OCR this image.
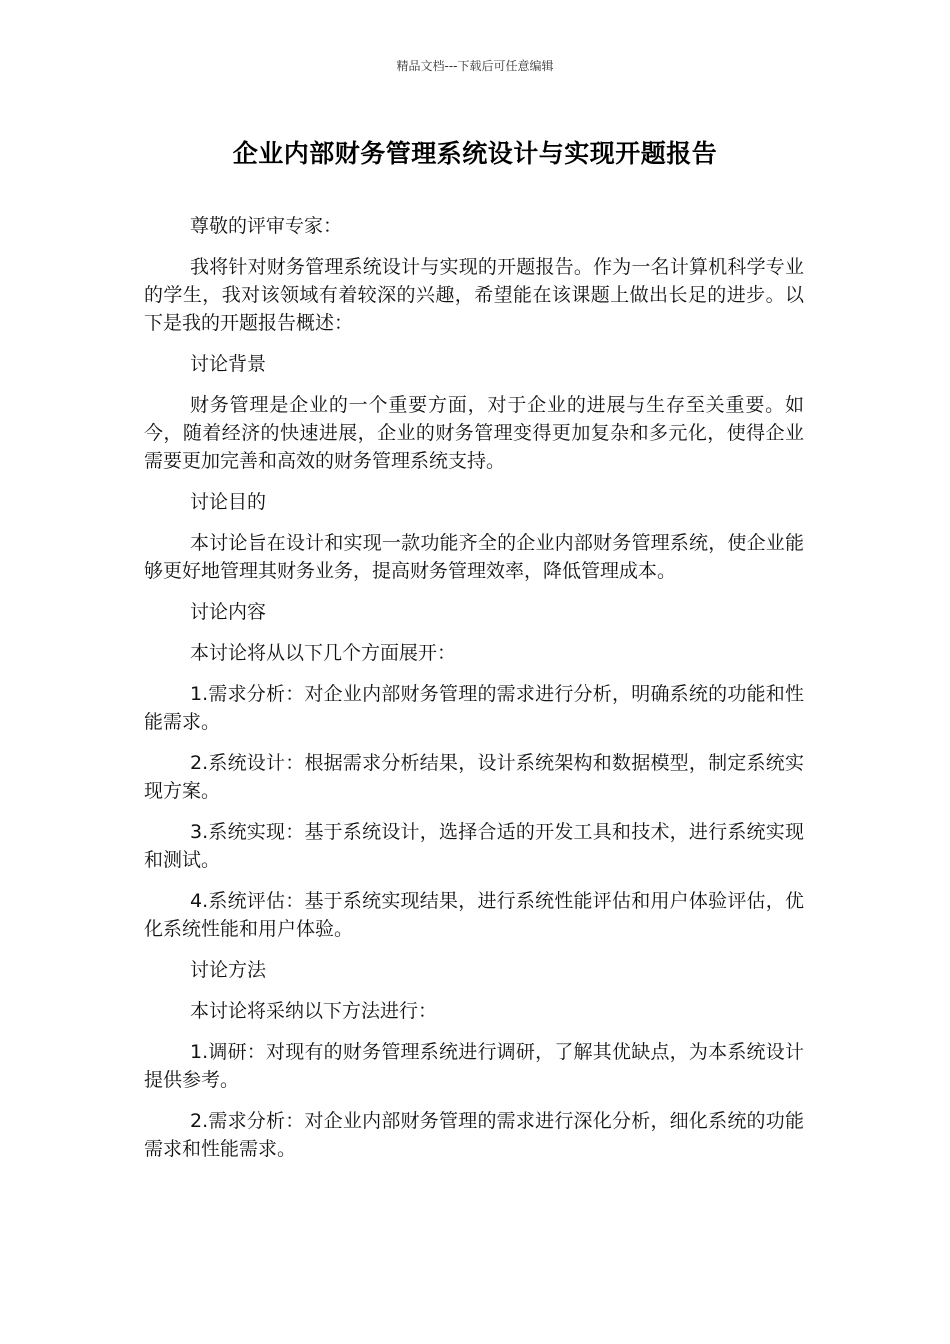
精品文档---下载后可任意编辑
企业内部财务管理系统设计与实现开题报告

尊敬的评审专家：

我将针对财务管理系统设计与实现的开题报告。作为一名计算机科学专业的学生，我对该领域有着较深的兴趣，希望能在该课题上做出长足的进步。以下是我的开题报告概述：

讨论背景

财务管理是企业的一个重要方面，对于企业的进展与生存至关重要。如今，随着经济的快速进展，企业的财务管理变得更加复杂和多元化，使得企业需要更加完善和高效的财务管理系统支持。

讨论目的

本讨论旨在设计和实现一款功能齐全的企业内部财务管理系统，使企业能够更好地管理其财务业务，提高财务管理效率，降低管理成本。

讨论内容

本讨论将从以下几个方面展开：

1.需求分析：对企业内部财务管理的需求进行分析，明确系统的功能和性能需求。

2.系统设计：根据需求分析结果，设计系统架构和数据模型，制定系统实现方案。

3.系统实现：基于系统设计，选择合适的开发工具和技术，进行系统实现和测试。

4.系统评估：基于系统实现结果，进行系统性能评估和用户体验评估，优化系统性能和用户体验。

讨论方法

本讨论将采纳以下方法进行：

1.调研：对现有的财务管理系统进行调研，了解其优缺点，为本系统设计提供参考。

2.需求分析：对企业内部财务管理的需求进行深化分析，细化系统的功能需求和性能需求。
